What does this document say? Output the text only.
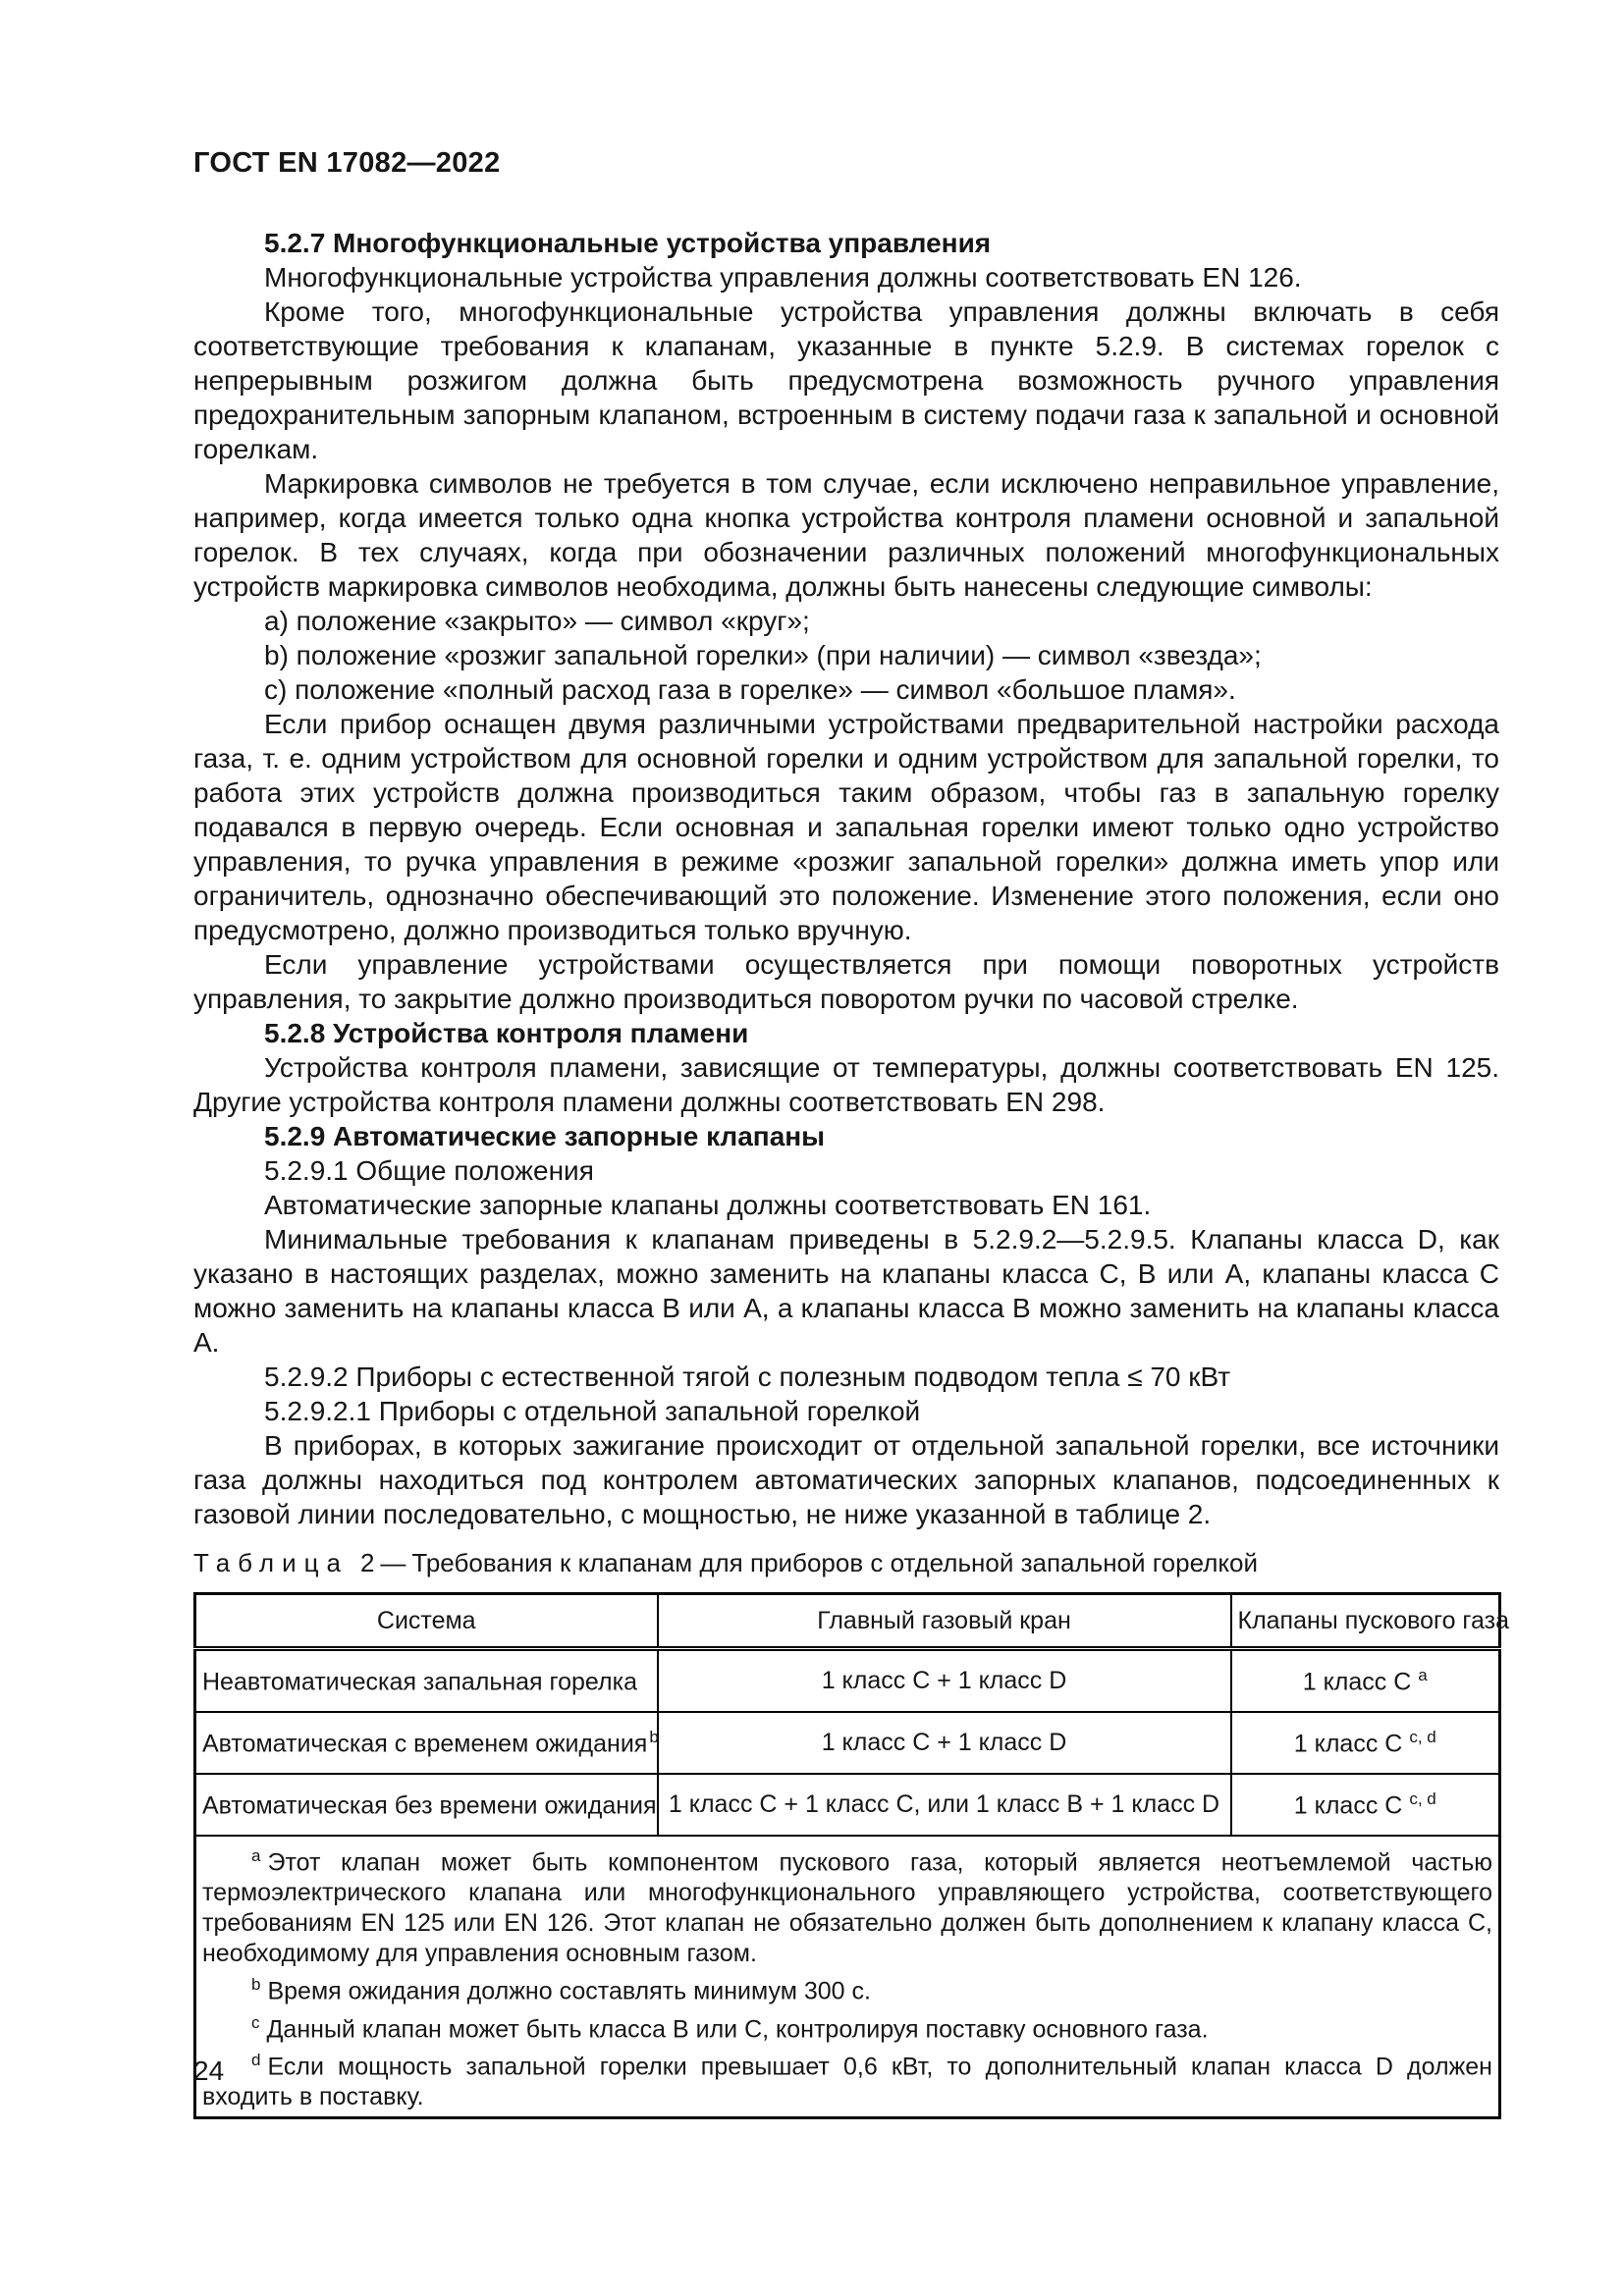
ГОСТ EN 17082—2022

5.2.7 Многофункциональные устройства управления

Многофункциональные устройства управления должны соответствовать EN 126.

Кроме того, многофункциональные устройства управления должны включать в себя соответствующие требования к клапанам, указанные в пункте 5.2.9. В системах горелок с непрерывным розжигом должна быть предусмотрена возможность ручного управления предохранительным запорным клапаном, встроенным в систему подачи газа к запальной и основной горелкам.

Маркировка символов не требуется в том случае, если исключено неправильное управление, например, когда имеется только одна кнопка устройства контроля пламени основной и запальной горелок. В тех случаях, когда при обозначении различных положений многофункциональных устройств маркировка символов необходима, должны быть нанесены следующие символы:

a) положение «закрыто» — символ «круг»;

b) положение «розжиг запальной горелки» (при наличии) — символ «звезда»;

c) положение «полный расход газа в горелке» — символ «большое пламя».

Если прибор оснащен двумя различными устройствами предварительной настройки расхода газа, т. е. одним устройством для основной горелки и одним устройством для запальной горелки, то работа этих устройств должна производиться таким образом, чтобы газ в запальную горелку подавался в первую очередь. Если основная и запальная горелки имеют только одно устройство управления, то ручка управления в режиме «розжиг запальной горелки» должна иметь упор или ограничитель, однозначно обеспечивающий это положение. Изменение этого положения, если оно предусмотрено, должно производиться только вручную.

Если управление устройствами осуществляется при помощи поворотных устройств управления, то закрытие должно производиться поворотом ручки по часовой стрелке.

5.2.8 Устройства контроля пламени

Устройства контроля пламени, зависящие от температуры, должны соответствовать EN 125. Другие устройства контроля пламени должны соответствовать EN 298.

5.2.9 Автоматические запорные клапаны

5.2.9.1 Общие положения

Автоматические запорные клапаны должны соответствовать EN 161.

Минимальные требования к клапанам приведены в 5.2.9.2—5.2.9.5. Клапаны класса D, как указано в настоящих разделах, можно заменить на клапаны класса C, B или A, клапаны класса C можно заменить на клапаны класса B или A, а клапаны класса B можно заменить на клапаны класса A.

5.2.9.2 Приборы с естественной тягой с полезным подводом тепла ≤ 70 кВт

5.2.9.2.1 Приборы с отдельной запальной горелкой

В приборах, в которых зажигание происходит от отдельной запальной горелки, все источники газа должны находиться под контролем автоматических запорных клапанов, подсоединенных к газовой линии последовательно, с мощностью, не ниже указанной в таблице 2.

Таблица 2 — Требования к клапанам для приборов с отдельной запальной горелкой

Система	Главный газовый кран	Клапаны пускового газа
Неавтоматическая запальная горелка	1 класс C + 1 класс D	1 класс C $^a$
Автоматическая с временем ожидания $^b$	1 класс C + 1 класс D	1 класс C $^{c, d}$
Автоматическая без времени ожидания	1 класс C + 1 класс C, или 1 класс B + 1 класс D	1 класс C $^{c, d}$

$^a$ Этот клапан может быть компонентом пускового газа, который является неотъемлемой частью термоэлектрического клапана или многофункционального управляющего устройства, соответствующего требованиям EN 125 или EN 126. Этот клапан не обязательно должен быть дополнением к клапану класса C, необходимому для управления основным газом.

$^b$ Время ожидания должно составлять минимум 300 с.

$^c$ Данный клапан может быть класса B или C, контролируя поставку основного газа.

$^d$ Если мощность запальной горелки превышает 0,6 кВт, то дополнительный клапан класса D должен входить в поставку.		

24
